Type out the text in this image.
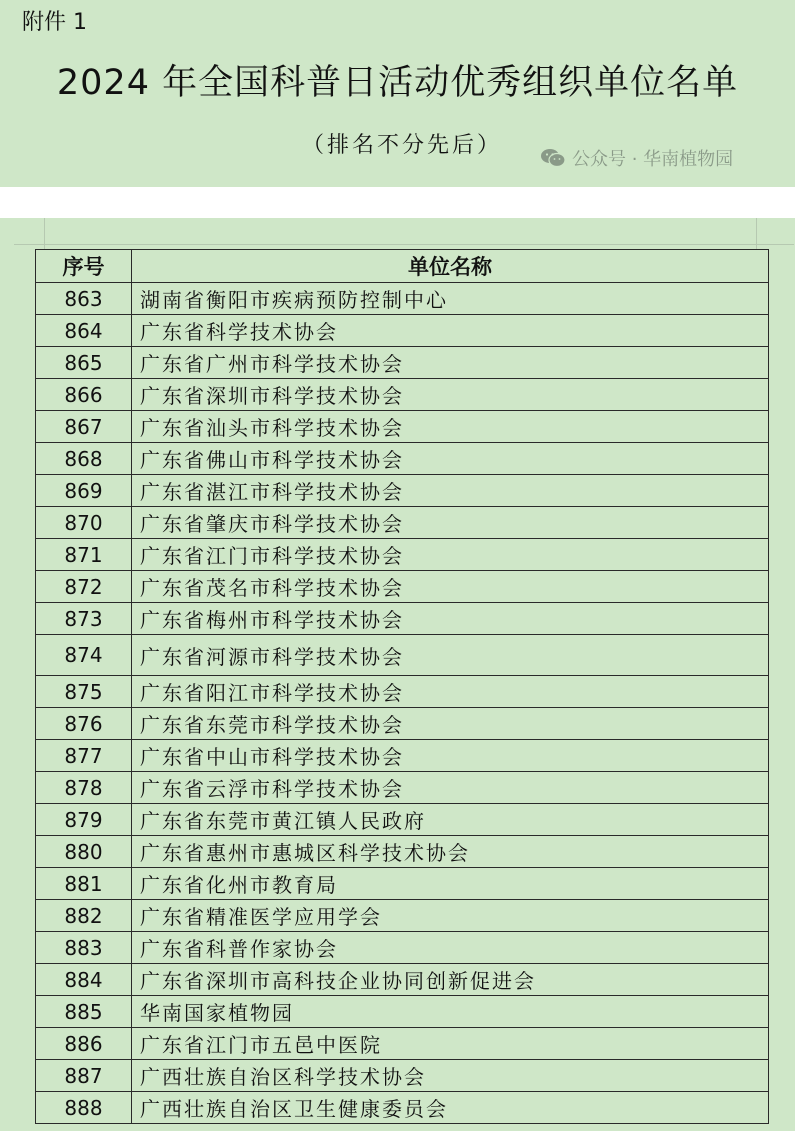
附件 1
2024 年全国科普日活动优秀组织单位名单
（排名不分先后）
公众号 · 华南植物园
序号	单位名称
863	湖南省衡阳市疾病预防控制中心
864	广东省科学技术协会
865	广东省广州市科学技术协会
866	广东省深圳市科学技术协会
867	广东省汕头市科学技术协会
868	广东省佛山市科学技术协会
869	广东省湛江市科学技术协会
870	广东省肇庆市科学技术协会
871	广东省江门市科学技术协会
872	广东省茂名市科学技术协会
873	广东省梅州市科学技术协会
874	广东省河源市科学技术协会
875	广东省阳江市科学技术协会
876	广东省东莞市科学技术协会
877	广东省中山市科学技术协会
878	广东省云浮市科学技术协会
879	广东省东莞市黄江镇人民政府
880	广东省惠州市惠城区科学技术协会
881	广东省化州市教育局
882	广东省精准医学应用学会
883	广东省科普作家协会
884	广东省深圳市高科技企业协同创新促进会
885	华南国家植物园
886	广东省江门市五邑中医院
887	广西壮族自治区科学技术协会
888	广西壮族自治区卫生健康委员会
